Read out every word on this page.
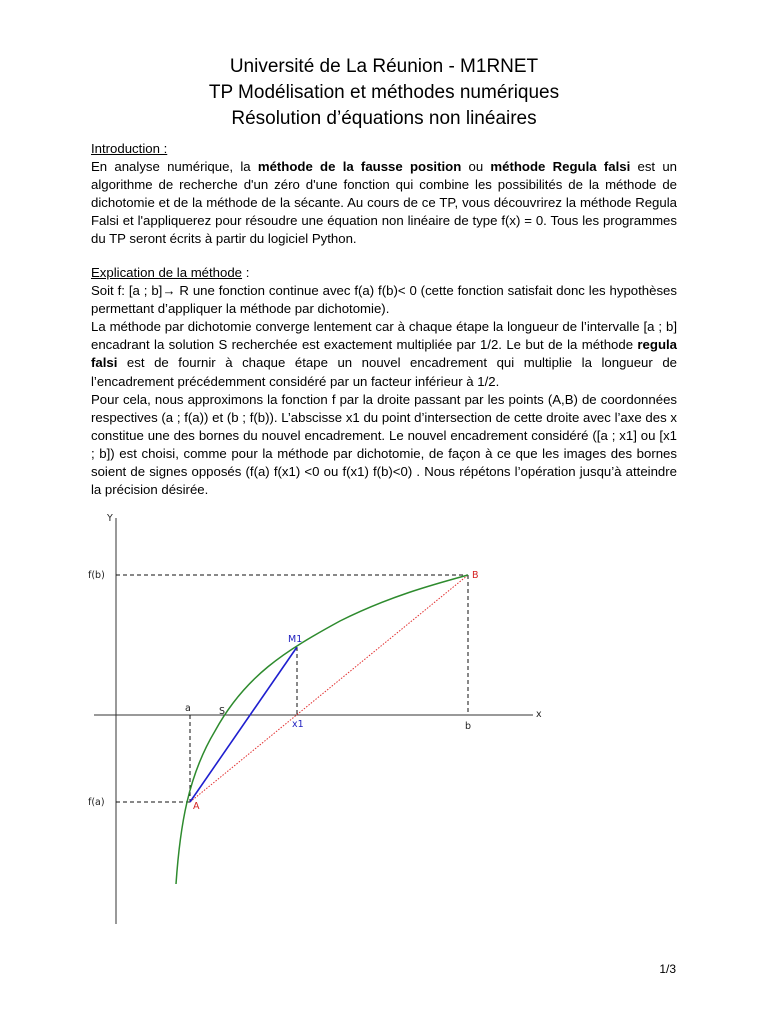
Université de La Réunion - M1RNET
TP Modélisation et méthodes numériques
Résolution d’équations non linéaires
Introduction :

En analyse numérique, la méthode de la fausse position ou méthode Regula falsi est un algorithme de recherche d'un zéro d'une fonction qui combine les possibilités de la méthode de dichotomie et de la méthode de la sécante. Au cours de ce TP, vous découvrirez la méthode Regula Falsi et l'appliquerez pour résoudre une équation non linéaire de type f(x) = 0. Tous les programmes du TP seront écrits à partir du logiciel Python.

Explication de la méthode :

Soit f: [a ; b]→ R une fonction continue avec f(a) f(b)< 0 (cette fonction satisfait donc les hypothèses permettant d’appliquer la méthode par dichotomie).

La méthode par dichotomie converge lentement car à chaque étape la longueur de l’intervalle [a ; b] encadrant la solution S recherchée est exactement multipliée par 1/2. Le but de la méthode regula falsi est de fournir à chaque étape un nouvel encadrement qui multiplie la longueur de l’encadrement précédemment considéré par un facteur inférieur à 1/2.

Pour cela, nous approximons la fonction f par la droite passant par les points (A,B) de coordonnées respectives (a ; f(a)) et (b ; f(b)). L’abscisse x1 du point d’intersection de cette droite avec l’axe des x constitue une des bornes du nouvel encadrement. Le nouvel encadrement considéré ([a ; x1] ou [x1 ; b]) est choisi, comme pour la méthode par dichotomie, de façon à ce que les images des bornes soient de signes opposés (f(a) f(x1) <0 ou f(x1) f(b)<0) . Nous répétons l’opération jusqu’à atteindre la précision désirée.

Y
x
f(b)
f(a)
a
b
S
x1
M1
A
B
1/3
